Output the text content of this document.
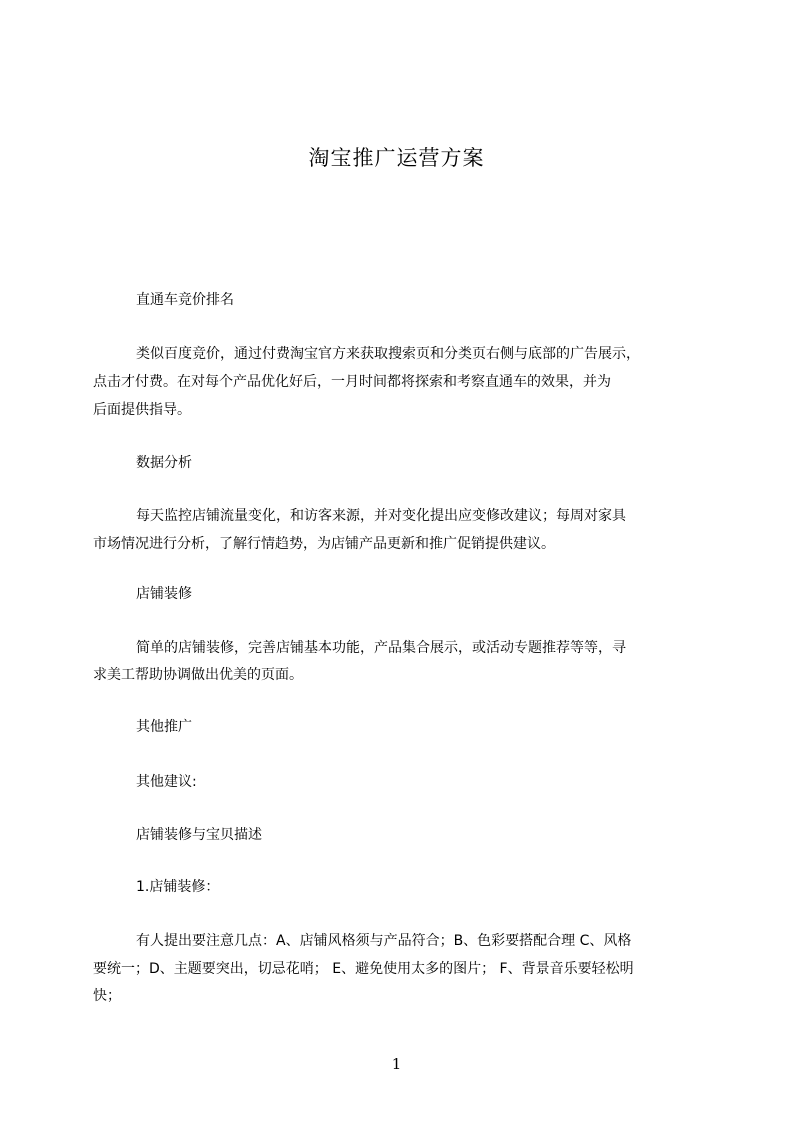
淘宝推广运营方案
直通车竞价排名
类似百度竞价，通过付费淘宝官方来获取搜索页和分类页右侧与底部的广告展示，
点击才付费。在对每个产品优化好后，一月时间都将探索和考察直通车的效果，并为
后面提供指导。
数据分析
每天监控店铺流量变化，和访客来源，并对变化提出应变修改建议；每周对家具
市场情况进行分析，了解行情趋势，为店铺产品更新和推广促销提供建议。
店铺装修
简单的店铺装修，完善店铺基本功能，产品集合展示，或活动专题推荐等等，寻
求美工帮助协调做出优美的页面。
其他推广
其他建议:
店铺装修与宝贝描述
1.店铺装修：
有人提出要注意几点：A、店铺风格须与产品符合；B、色彩要搭配合理 C、风格
要统一；D、主题要突出，切忌花哨； E、避免使用太多的图片； F、背景音乐要轻松明
快；
1
